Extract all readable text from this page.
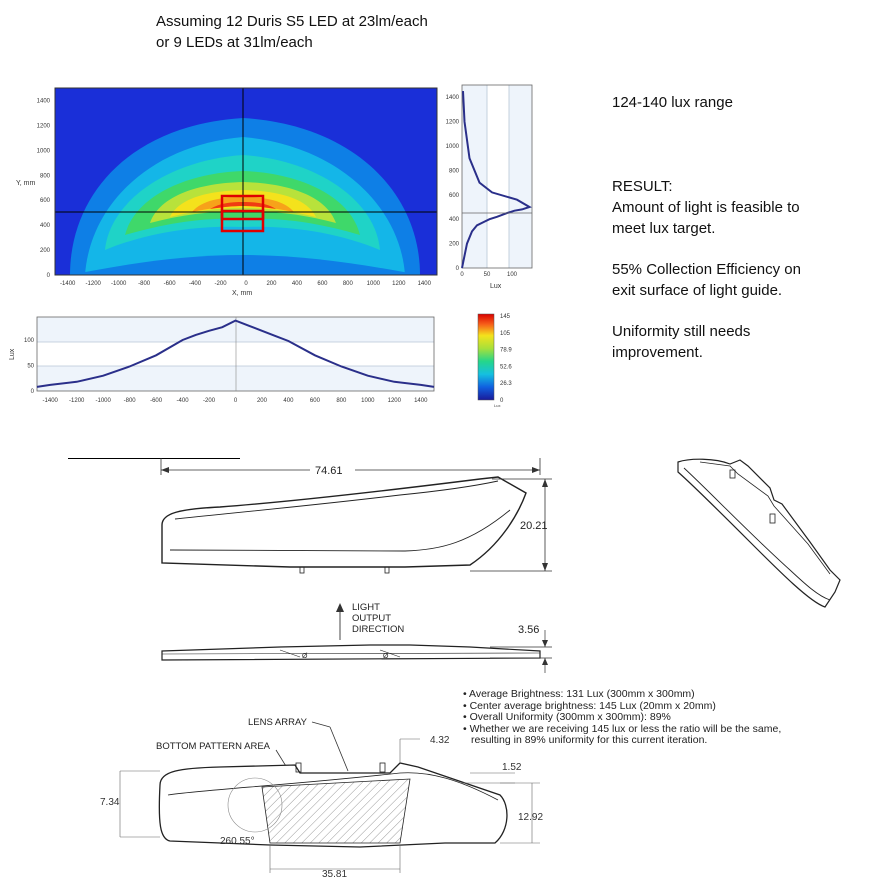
Assuming 12 Duris S5 LED at 23lm/each
or 9 LEDs at 31lm/each
124-140 lux range
RESULT:
Amount of light is feasible to
meet lux target.
55% Collection Efficiency on
exit surface of light guide.
Uniformity still needs
improvement.
0
200
400
600
800
1000
1200
1400
-1400 -1200 -1000 -800 -600 -400 -200	0	200	400	600	800 1000 1200 1400
Y, mm
X, mm
0
200
400
600
800
1000
1200
1400
0	50	100
Lux
0
50
100
-1400 -1200 -1000 -800 -600 -400 -200	0	200	400	600	800 1000 1200 1400
Lux
145
105
78.9
52.6
26.3
0
Lux
74.61
20.21
LIGHT
OUTPUT
DIRECTION
Ø	Ø
3.56
• Average Brightness: 131 Lux (300mm x 300mm)
• Center average brightness: 145 Lux (20mm x 20mm)
• Overall Uniformity (300mm x 300mm): 89%
• Whether we are receiving 145 lux or less the ratio will be the same,
resulting in 89% uniformity for this current iteration.
LENS ARRAY
BOTTOM PATTERN AREA
260.55°
4.32
1.52
7.34
12.92
35.81
